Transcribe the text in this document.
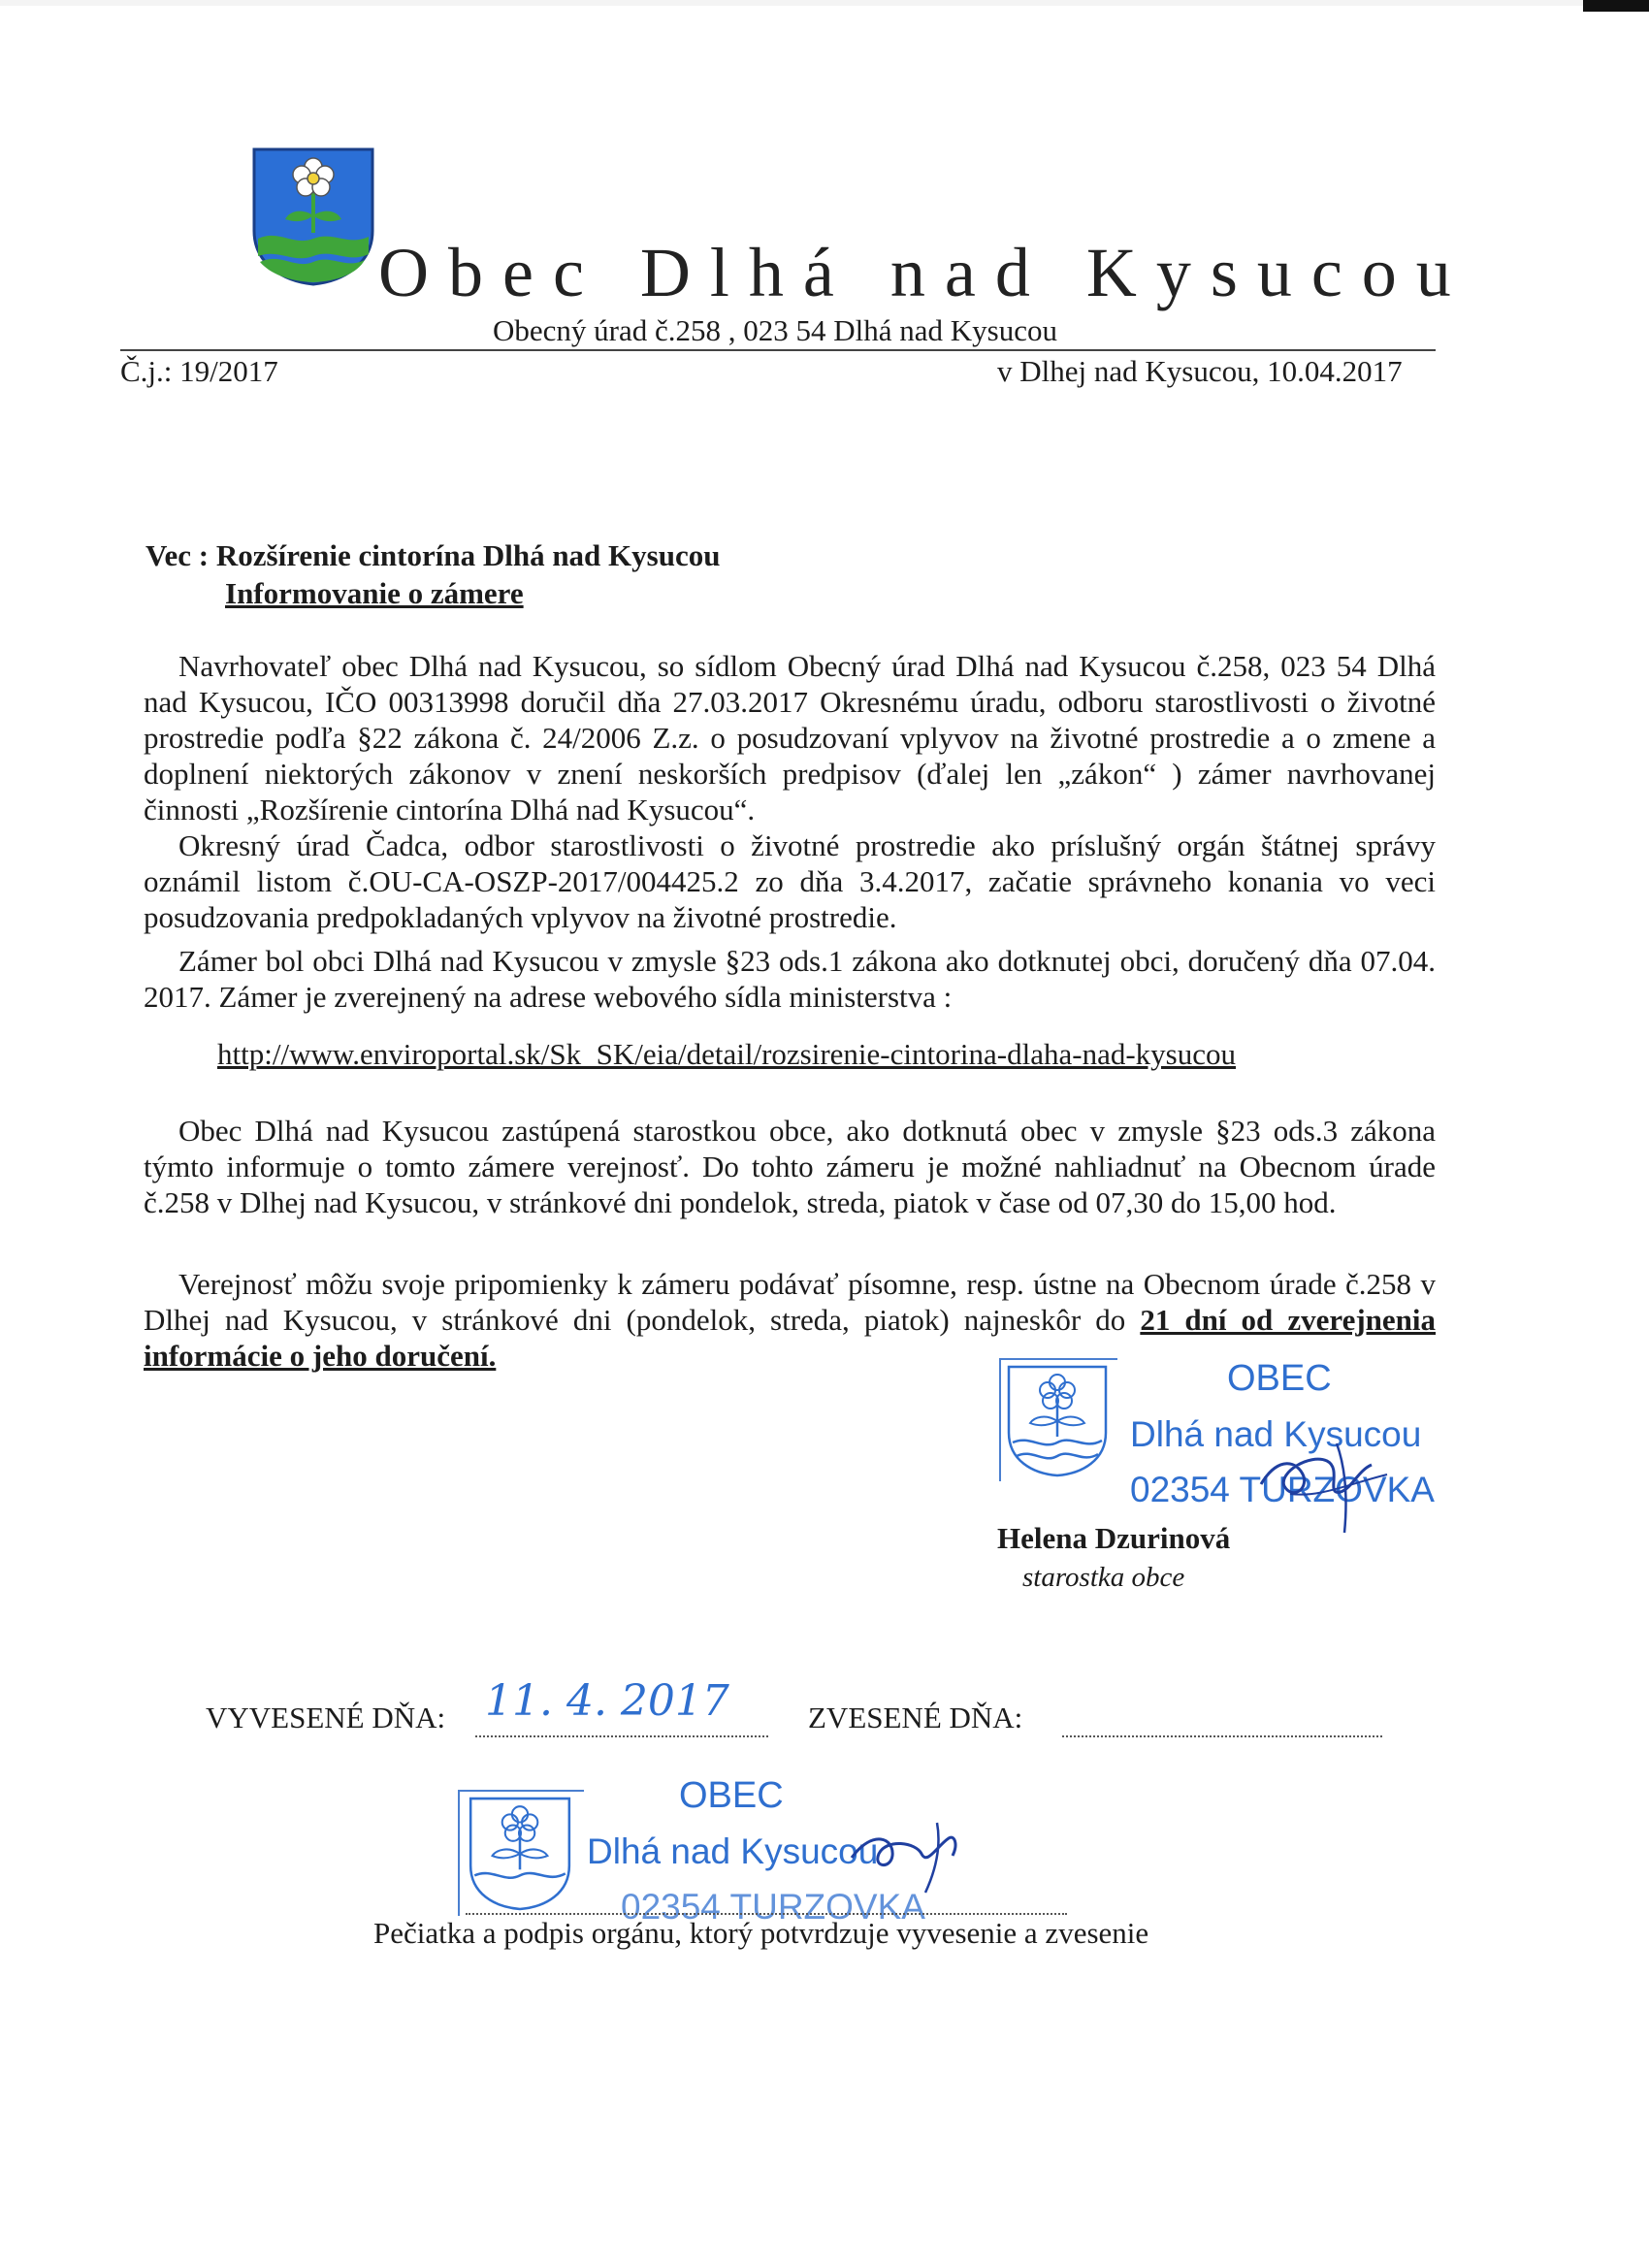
Obec Dlhá nad Kysucou
Obecný úrad č.258 , 023 54 Dlhá nad Kysucou
Č.j.: 19/2017	v Dlhej nad Kysucou, 10.04.2017
Vec : Rozšírenie cintorína Dlhá nad Kysucou
Informovanie o zámere
Navrhovateľ obec Dlhá nad Kysucou, so sídlom Obecný úrad Dlhá nad Kysucou č.258, 023 54 Dlhá nad Kysucou, IČO 00313998 doručil dňa 27.03.2017 Okresnému úradu, odboru starostlivosti o životné prostredie podľa §22 zákona č. 24/2006 Z.z. o posudzovaní vplyvov na životné prostredie a o zmene a doplnení niektorých zákonov v znení neskorších predpisov (ďalej len „zákon“ ) zámer navrhovanej činnosti „Rozšírenie cintorína Dlhá nad Kysucou“.
Okresný úrad Čadca, odbor starostlivosti o životné prostredie ako príslušný orgán štátnej správy oznámil listom č.OU-CA-OSZP-2017/004425.2 zo dňa 3.4.2017, začatie správneho konania vo veci posudzovania predpokladaných vplyvov na životné prostredie.
Zámer bol obci Dlhá nad Kysucou v zmysle §23 ods.1 zákona ako dotknutej obci, doručený dňa 07.04. 2017. Zámer je zverejnený na adrese webového sídla ministerstva :
http://www.enviroportal.sk/Sk_SK/eia/detail/rozsirenie-cintorina-dlaha-nad-kysucou
Obec Dlhá nad Kysucou zastúpená starostkou obce, ako dotknutá obec v zmysle §23 ods.3 zákona týmto informuje o tomto zámere verejnosť. Do tohto zámeru je možné nahliadnuť na Obecnom úrade č.258 v Dlhej nad Kysucou, v stránkové dni pondelok, streda, piatok v čase od 07,30 do 15,00 hod.
Verejnosť môžu svoje pripomienky k zámeru podávať písomne, resp. ústne na Obecnom úrade č.258 v Dlhej nad Kysucou, v stránkové dni (pondelok, streda, piatok) najneskôr do 21 dní od zverejnenia informácie o jeho doručení.
OBEC
Dlhá nad Kysucou
02354 TURZOVKA
Helena Dzurinová
starostka obce
VYVESENÉ DŇA: 11. 4. 2017	ZVESENÉ DŇA:
OBEC
Dlhá nad Kysucou
02354 TURZOVKA
Pečiatka a podpis orgánu, ktorý potvrdzuje vyvesenie a zvesenie
